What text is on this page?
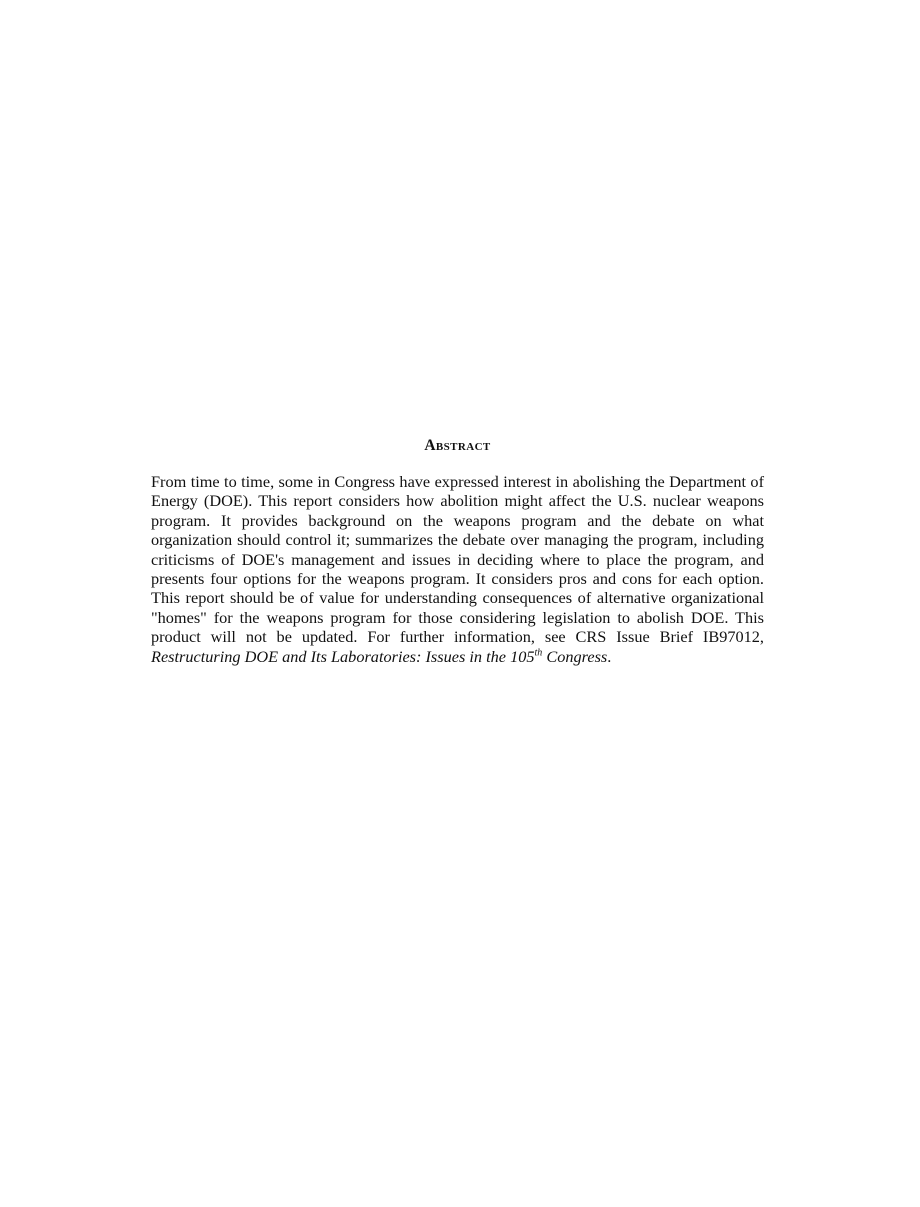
Abstract

From time to time, some in Congress have expressed interest in abolishing the Department of Energy (DOE). This report considers how abolition might affect the U.S. nuclear weapons program. It provides background on the weapons program and the debate on what organization should control it; summarizes the debate over managing the program, including criticisms of DOE's management and issues in deciding where to place the program, and presents four options for the weapons program. It considers pros and cons for each option. This report should be of value for understanding consequences of alternative organizational "homes" for the weapons program for those considering legislation to abolish DOE. This product will not be updated. For further information, see CRS Issue Brief IB97012, Restructuring DOE and Its Laboratories: Issues in the 105th Congress.
